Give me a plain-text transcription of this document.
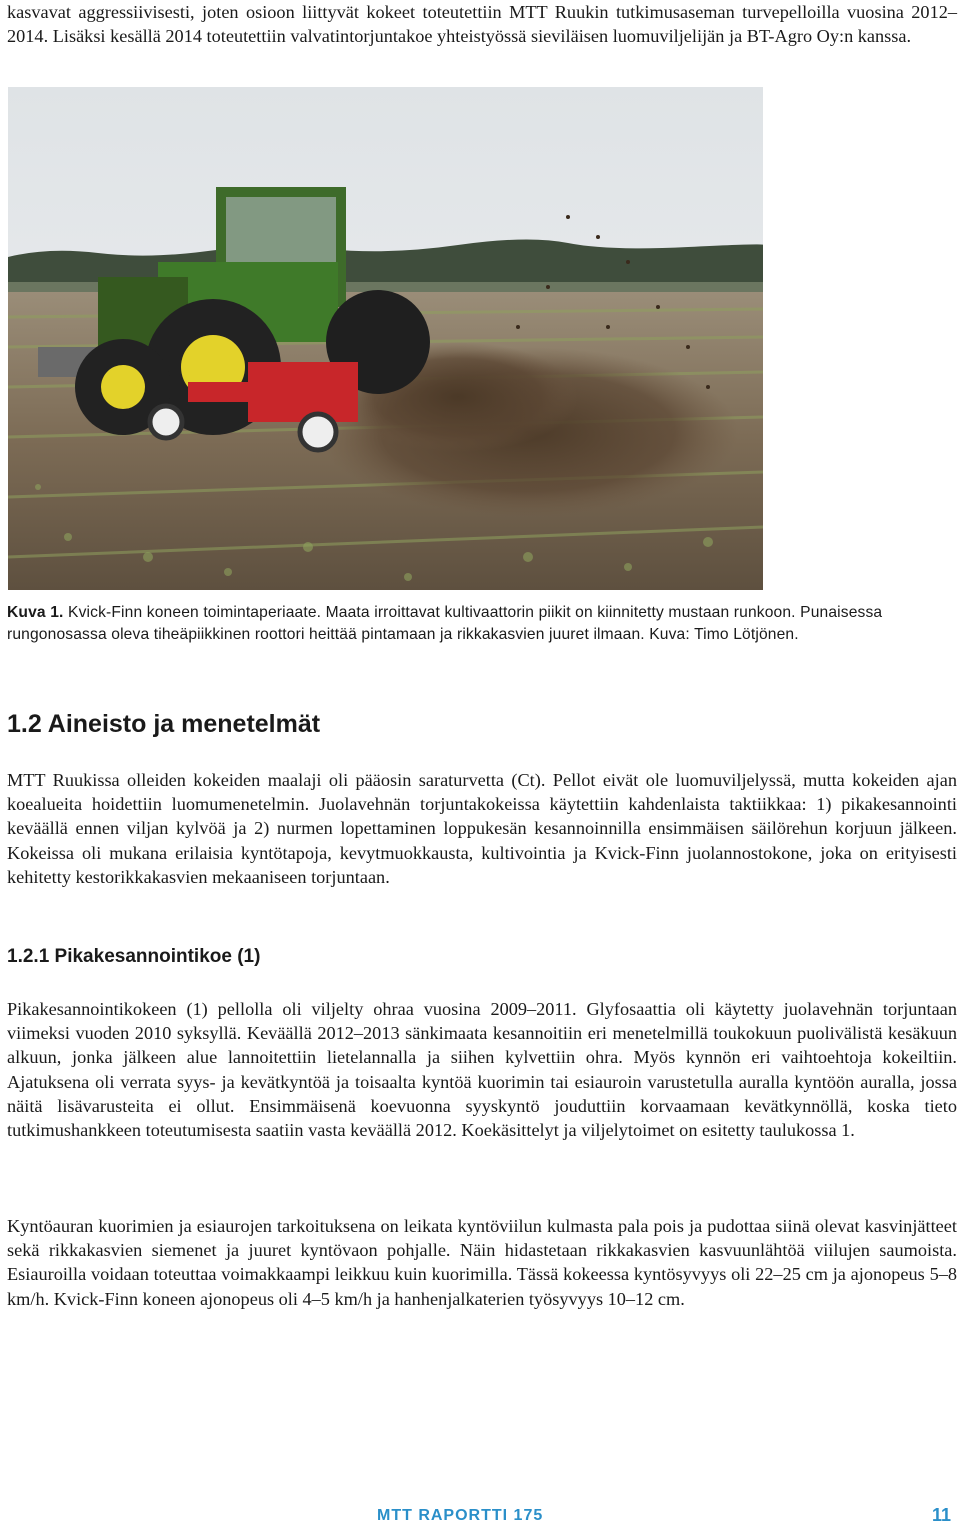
kasvavat aggressiivisesti, joten osioon liittyvät kokeet toteutettiin MTT Ruukin tutkimusaseman turvepelloilla vuosina 2012–2014. Lisäksi kesällä 2014 toteutettiin valvatintorjuntakoe yhteistyössä sieviläisen luomuviljelijän ja BT-Agro Oy:n kanssa.
Kuva 1. Kvick-Finn koneen toimintaperiaate. Maata irroittavat kultivaattorin piikit on kiinnitetty mustaan runkoon. Punaisessa rungonosassa oleva tiheäpiikkinen roottori heittää pintamaan ja rikkakasvien juuret ilmaan. Kuva: Timo Lötjönen.
1.2 Aineisto ja menetelmät
MTT Ruukissa olleiden kokeiden maalaji oli pääosin saraturvetta (Ct). Pellot eivät ole luomuviljelyssä, mutta kokeiden ajan koealueita hoidettiin luomumenetelmin. Juolavehnän torjuntakokeissa käytettiin kahdenlaista taktiikkaa: 1) pikakesannointi keväällä ennen viljan kylvöä ja 2) nurmen lopettaminen loppukesän kesannoinnilla ensimmäisen säilörehun korjuun jälkeen. Kokeissa oli mukana erilaisia kyntötapoja, kevytmuokkausta, kultivointia ja Kvick-Finn juolannostokone, joka on erityisesti kehitetty kestorikkakasvien mekaaniseen torjuntaan.
1.2.1 Pikakesannointikoe (1)
Pikakesannointikokeen (1) pellolla oli viljelty ohraa vuosina 2009–2011. Glyfosaattia oli käytetty juolavehnän torjuntaan viimeksi vuoden 2010 syksyllä. Keväällä 2012–2013 sänkimaata kesannoitiin eri menetelmillä toukokuun puolivälistä kesäkuun alkuun, jonka jälkeen alue lannoitettiin lietelannalla ja siihen kylvettiin ohra. Myös kynnön eri vaihtoehtoja kokeiltiin. Ajatuksena oli verrata syys- ja kevätkyntöä ja toisaalta kyntöä kuorimin tai esiauroin varustetulla auralla kyntöön auralla, jossa näitä lisävarusteita ei ollut. Ensimmäisenä koevuonna syyskyntö jouduttiin korvaamaan kevätkynnöllä, koska tieto tutkimushankkeen toteutumisesta saatiin vasta keväällä 2012. Koekäsittelyt ja viljelytoimet on esitetty taulukossa 1.
Kyntöauran kuorimien ja esiaurojen tarkoituksena on leikata kyntöviilun kulmasta pala pois ja pudottaa siinä olevat kasvinjätteet sekä rikkakasvien siemenet ja juuret kyntövaon pohjalle. Näin hidastetaan rikkakasvien kasvuunlähtöä viilujen saumoista. Esiauroilla voidaan toteuttaa voimakkaampi leikkuu kuin kuorimilla. Tässä kokeessa kyntösyvyys oli 22–25 cm ja ajonopeus 5–8 km/h. Kvick-Finn koneen ajonopeus oli 4–5 km/h ja hanhenjalkaterien työsyvyys 10–12 cm.
MTT RAPORTTI 175	11
